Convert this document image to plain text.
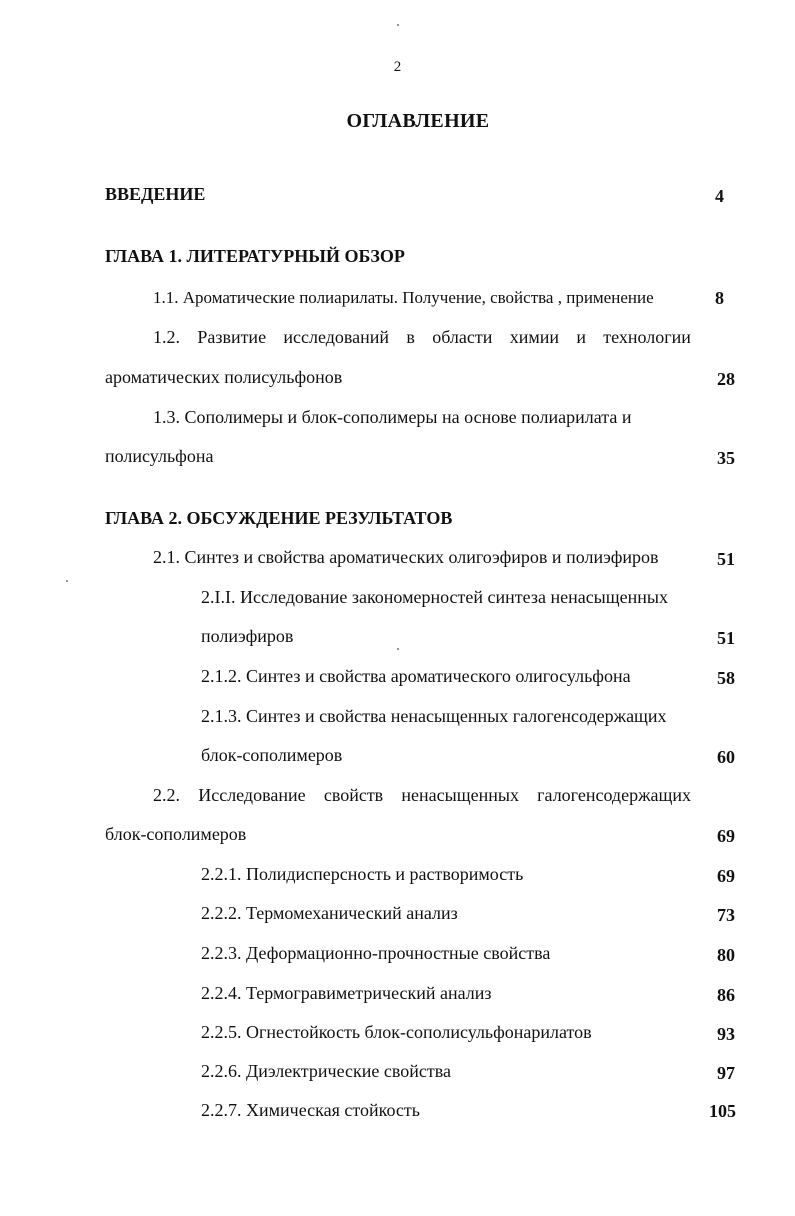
2
ОГЛАВЛЕНИЕ
ВВЕДЕНИЕ	4
ГЛАВА 1. ЛИТЕРАТУРНЫЙ ОБЗОР
1.1. Ароматические полиарилаты. Получение, свойства , применение	8
1.2. Развитие исследований в области химии и технологии
ароматических полисульфонов	28
1.3. Сополимеры и блок-сополимеры на основе полиарилата и
полисульфона	35
ГЛАВА 2. ОБСУЖДЕНИЕ РЕЗУЛЬТАТОВ
2.1. Синтез и свойства ароматических олигоэфиров и полиэфиров	51
2.I.I. Исследование закономерностей синтеза ненасыщенных
полиэфиров	51
2.1.2. Синтез и свойства ароматического олигосульфона	58
2.1.3. Синтез и свойства ненасыщенных галогенсодержащих
блок-сополимеров	60
2.2. Исследование свойств ненасыщенных галогенсодержащих
блок-сополимеров	69
2.2.1. Полидисперсность и растворимость	69
2.2.2. Термомеханический анализ	73
2.2.3. Деформационно-прочностные свойства	80
2.2.4. Термогравиметрический анализ	86
2.2.5. Огнестойкость блок-сополисульфонарилатов	93
2.2.6. Диэлектрические свойства	97
2.2.7. Химическая стойкость	105
